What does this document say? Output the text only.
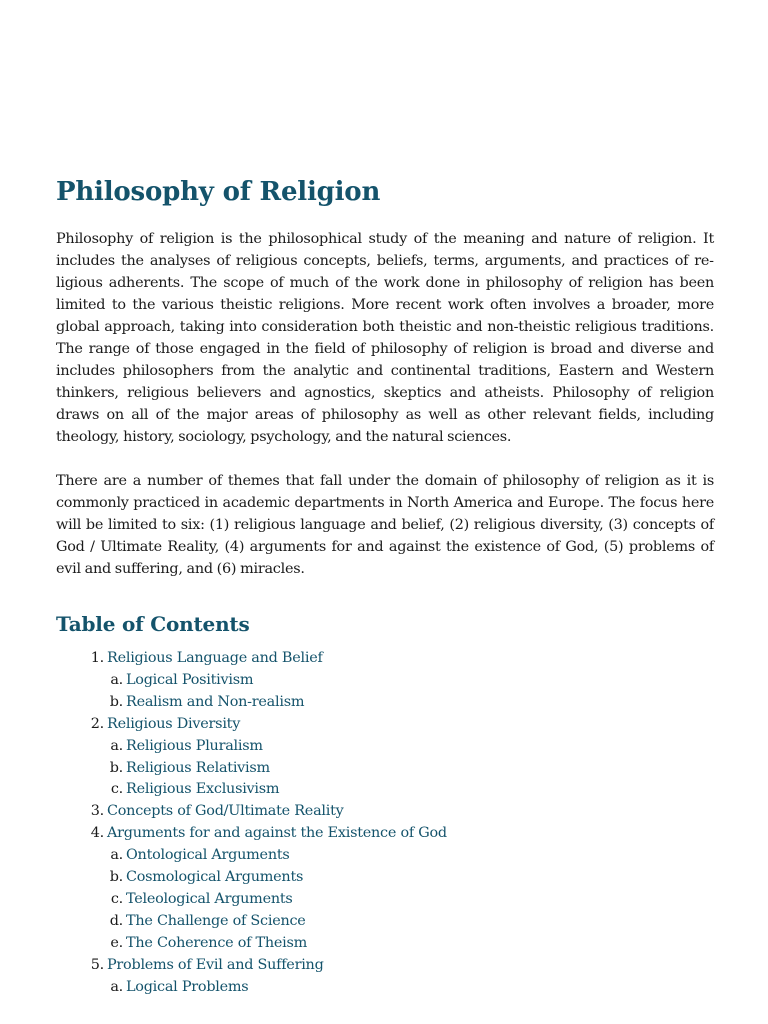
Philosophy of Religion

Philosophy of religion is the philosophical study of the meaning and nature of religion. It includes the analyses of religious concepts, beliefs, terms, arguments, and practices of religious adherents. The scope of much of the work done in philosophy of religion has been limited to the various theistic religions. More recent work often involves a broader, more global approach, taking into consideration both theistic and non-theistic religious traditions. The range of those engaged in the field of philosophy of religion is broad and diverse and includes philosophers from the analytic and continental traditions, Eastern and Western thinkers, religious believers and agnostics, skeptics and atheists. Philosophy of religion draws on all of the major areas of philosophy as well as other relevant fields, including theology, history, sociology, psychology, and the natural sciences.

There are a number of themes that fall under the domain of philosophy of religion as it is commonly practiced in academic departments in North America and Europe. The focus here will be limited to six: (1) religious language and belief, (2) religious diversity, (3) concepts of God / Ultimate Reality, (4) arguments for and against the existence of God, (5) problems of evil and suffering, and (6) miracles.

Table of Contents
1. Religious Language and Belief
a. Logical Positivism
b. Realism and Non-realism
2. Religious Diversity
a. Religious Pluralism
b. Religious Relativism
c. Religious Exclusivism
3. Concepts of God/Ultimate Reality
4. Arguments for and against the Existence of God
a. Ontological Arguments
b. Cosmological Arguments
c. Teleological Arguments
d. The Challenge of Science
e. The Coherence of Theism
5. Problems of Evil and Suffering
a. Logical Problems
